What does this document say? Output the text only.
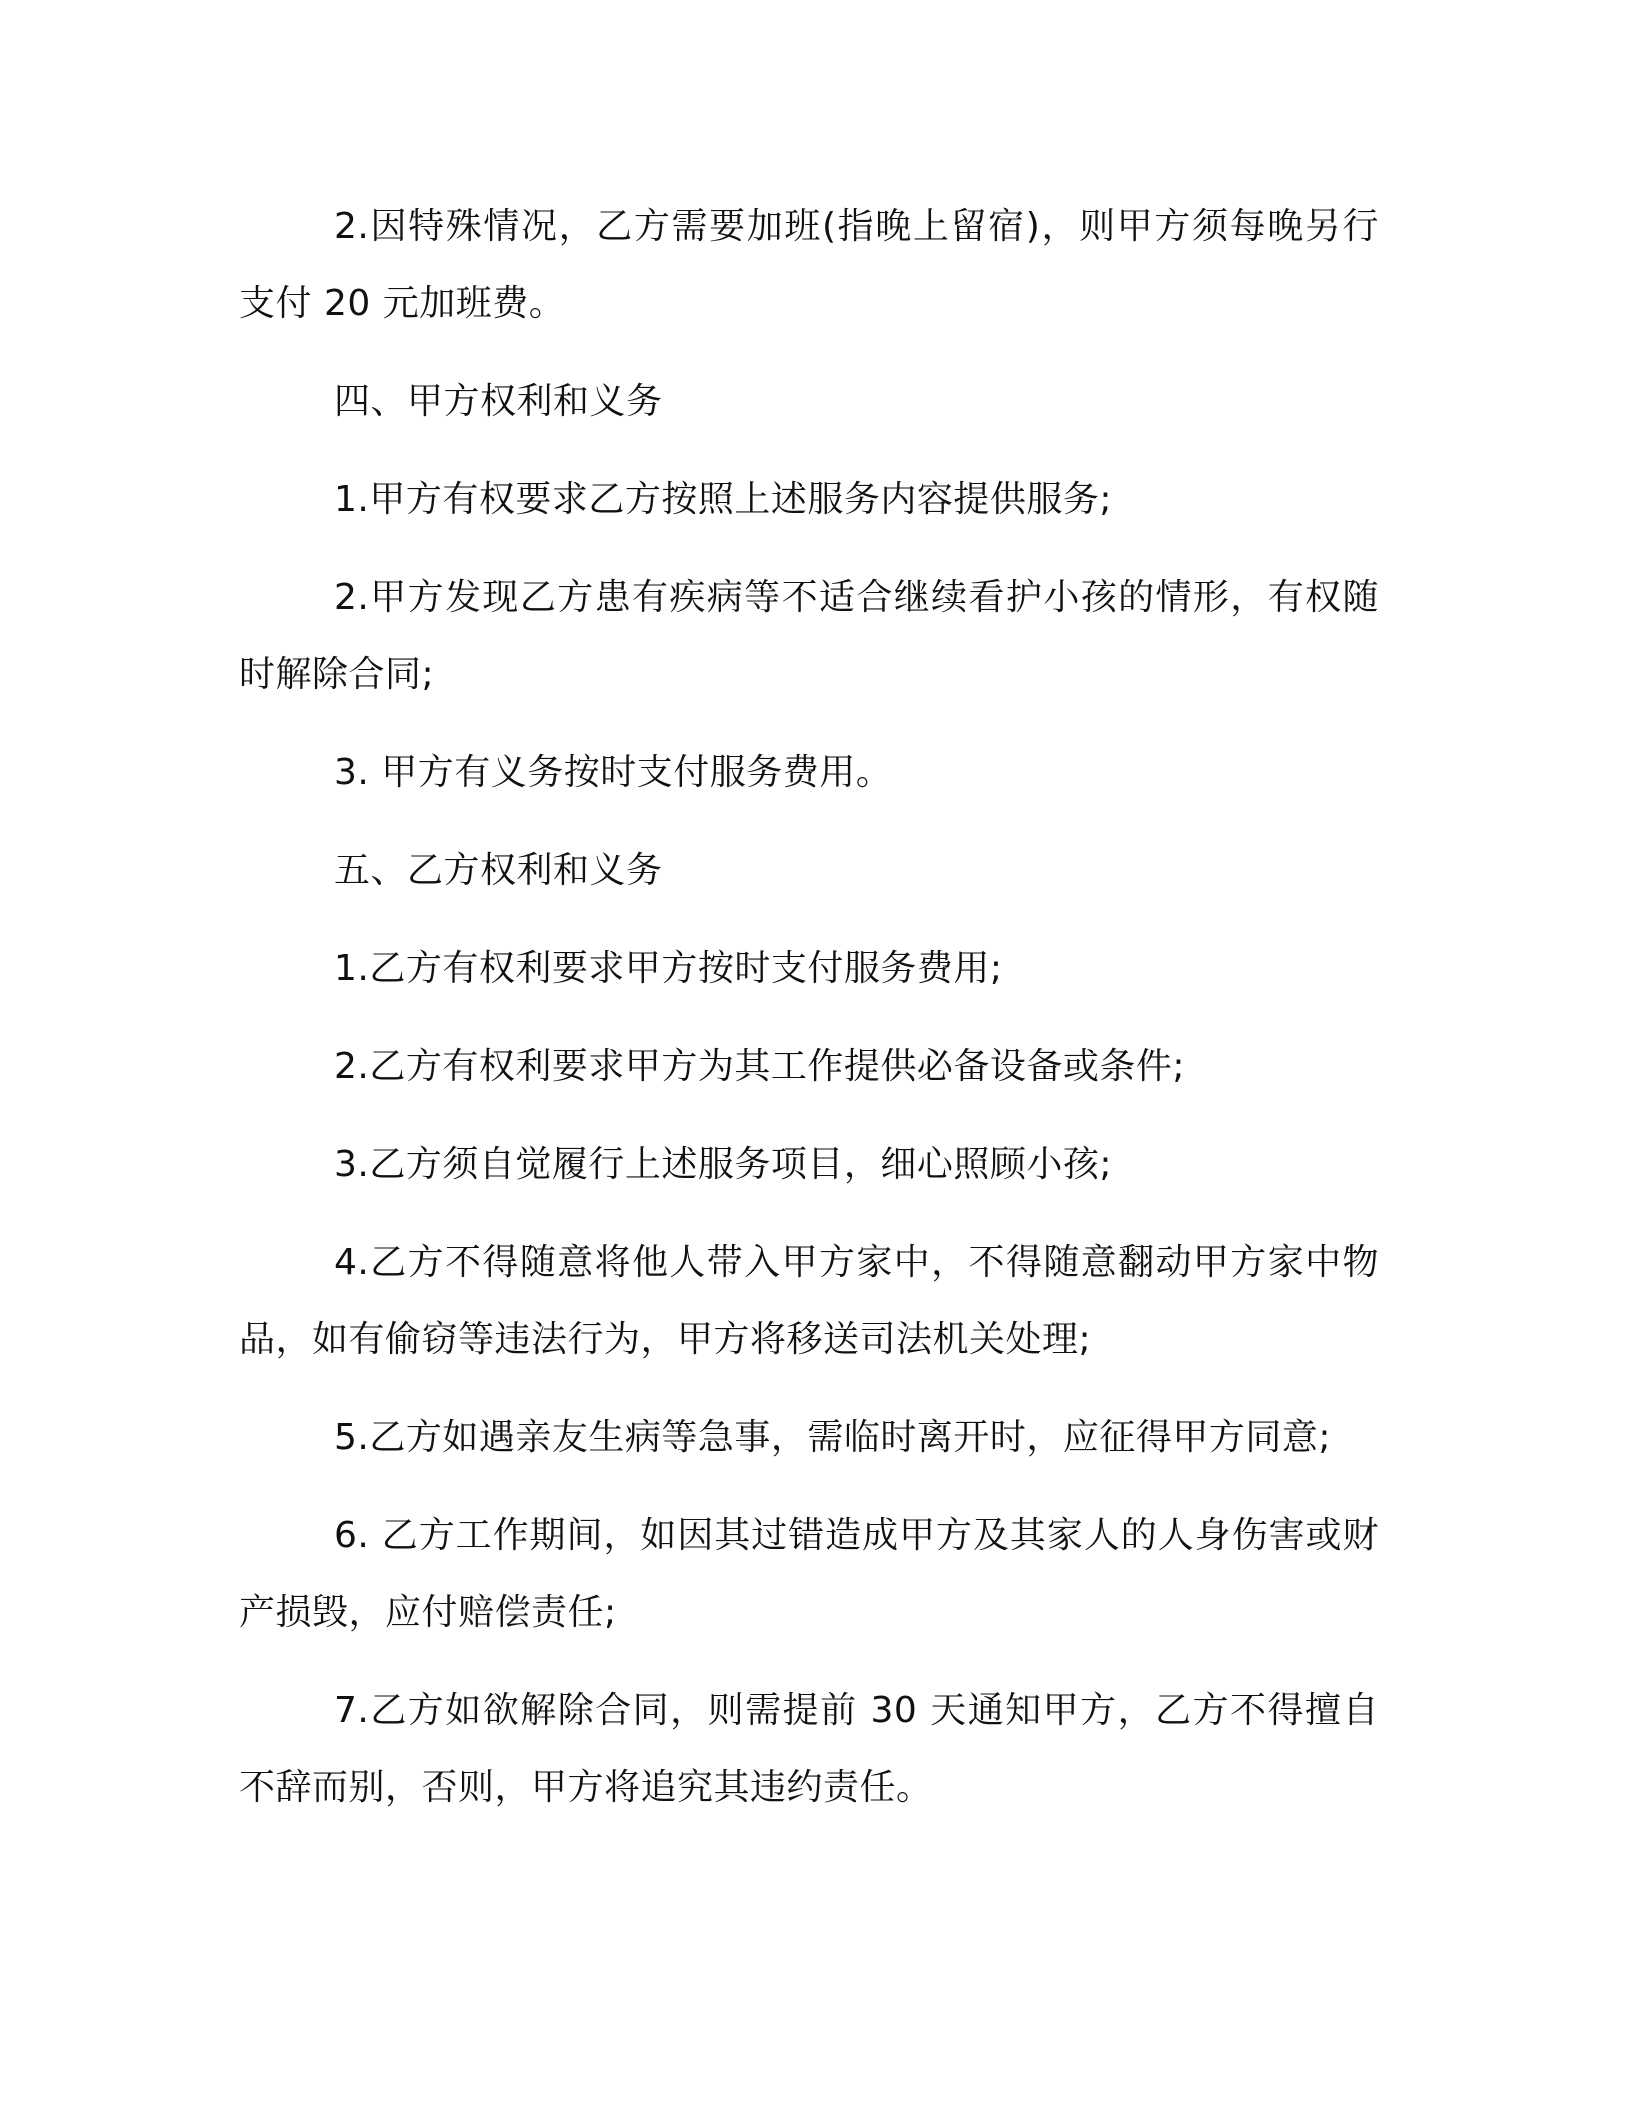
2.因特殊情况，乙方需要加班(指晚上留宿)，则甲方须每晚另行支付 20 元加班费。

四、甲方权利和义务

1.甲方有权要求乙方按照上述服务内容提供服务;

2.甲方发现乙方患有疾病等不适合继续看护小孩的情形，有权随时解除合同;

3. 甲方有义务按时支付服务费用。

五、乙方权利和义务

1.乙方有权利要求甲方按时支付服务费用;

2.乙方有权利要求甲方为其工作提供必备设备或条件;

3.乙方须自觉履行上述服务项目，细心照顾小孩;

4.乙方不得随意将他人带入甲方家中，不得随意翻动甲方家中物品，如有偷窃等违法行为，甲方将移送司法机关处理;

5.乙方如遇亲友生病等急事，需临时离开时，应征得甲方同意;

6. 乙方工作期间，如因其过错造成甲方及其家人的人身伤害或财产损毁，应付赔偿责任;

7.乙方如欲解除合同，则需提前 30 天通知甲方，乙方不得擅自不辞而别，否则，甲方将追究其违约责任。
